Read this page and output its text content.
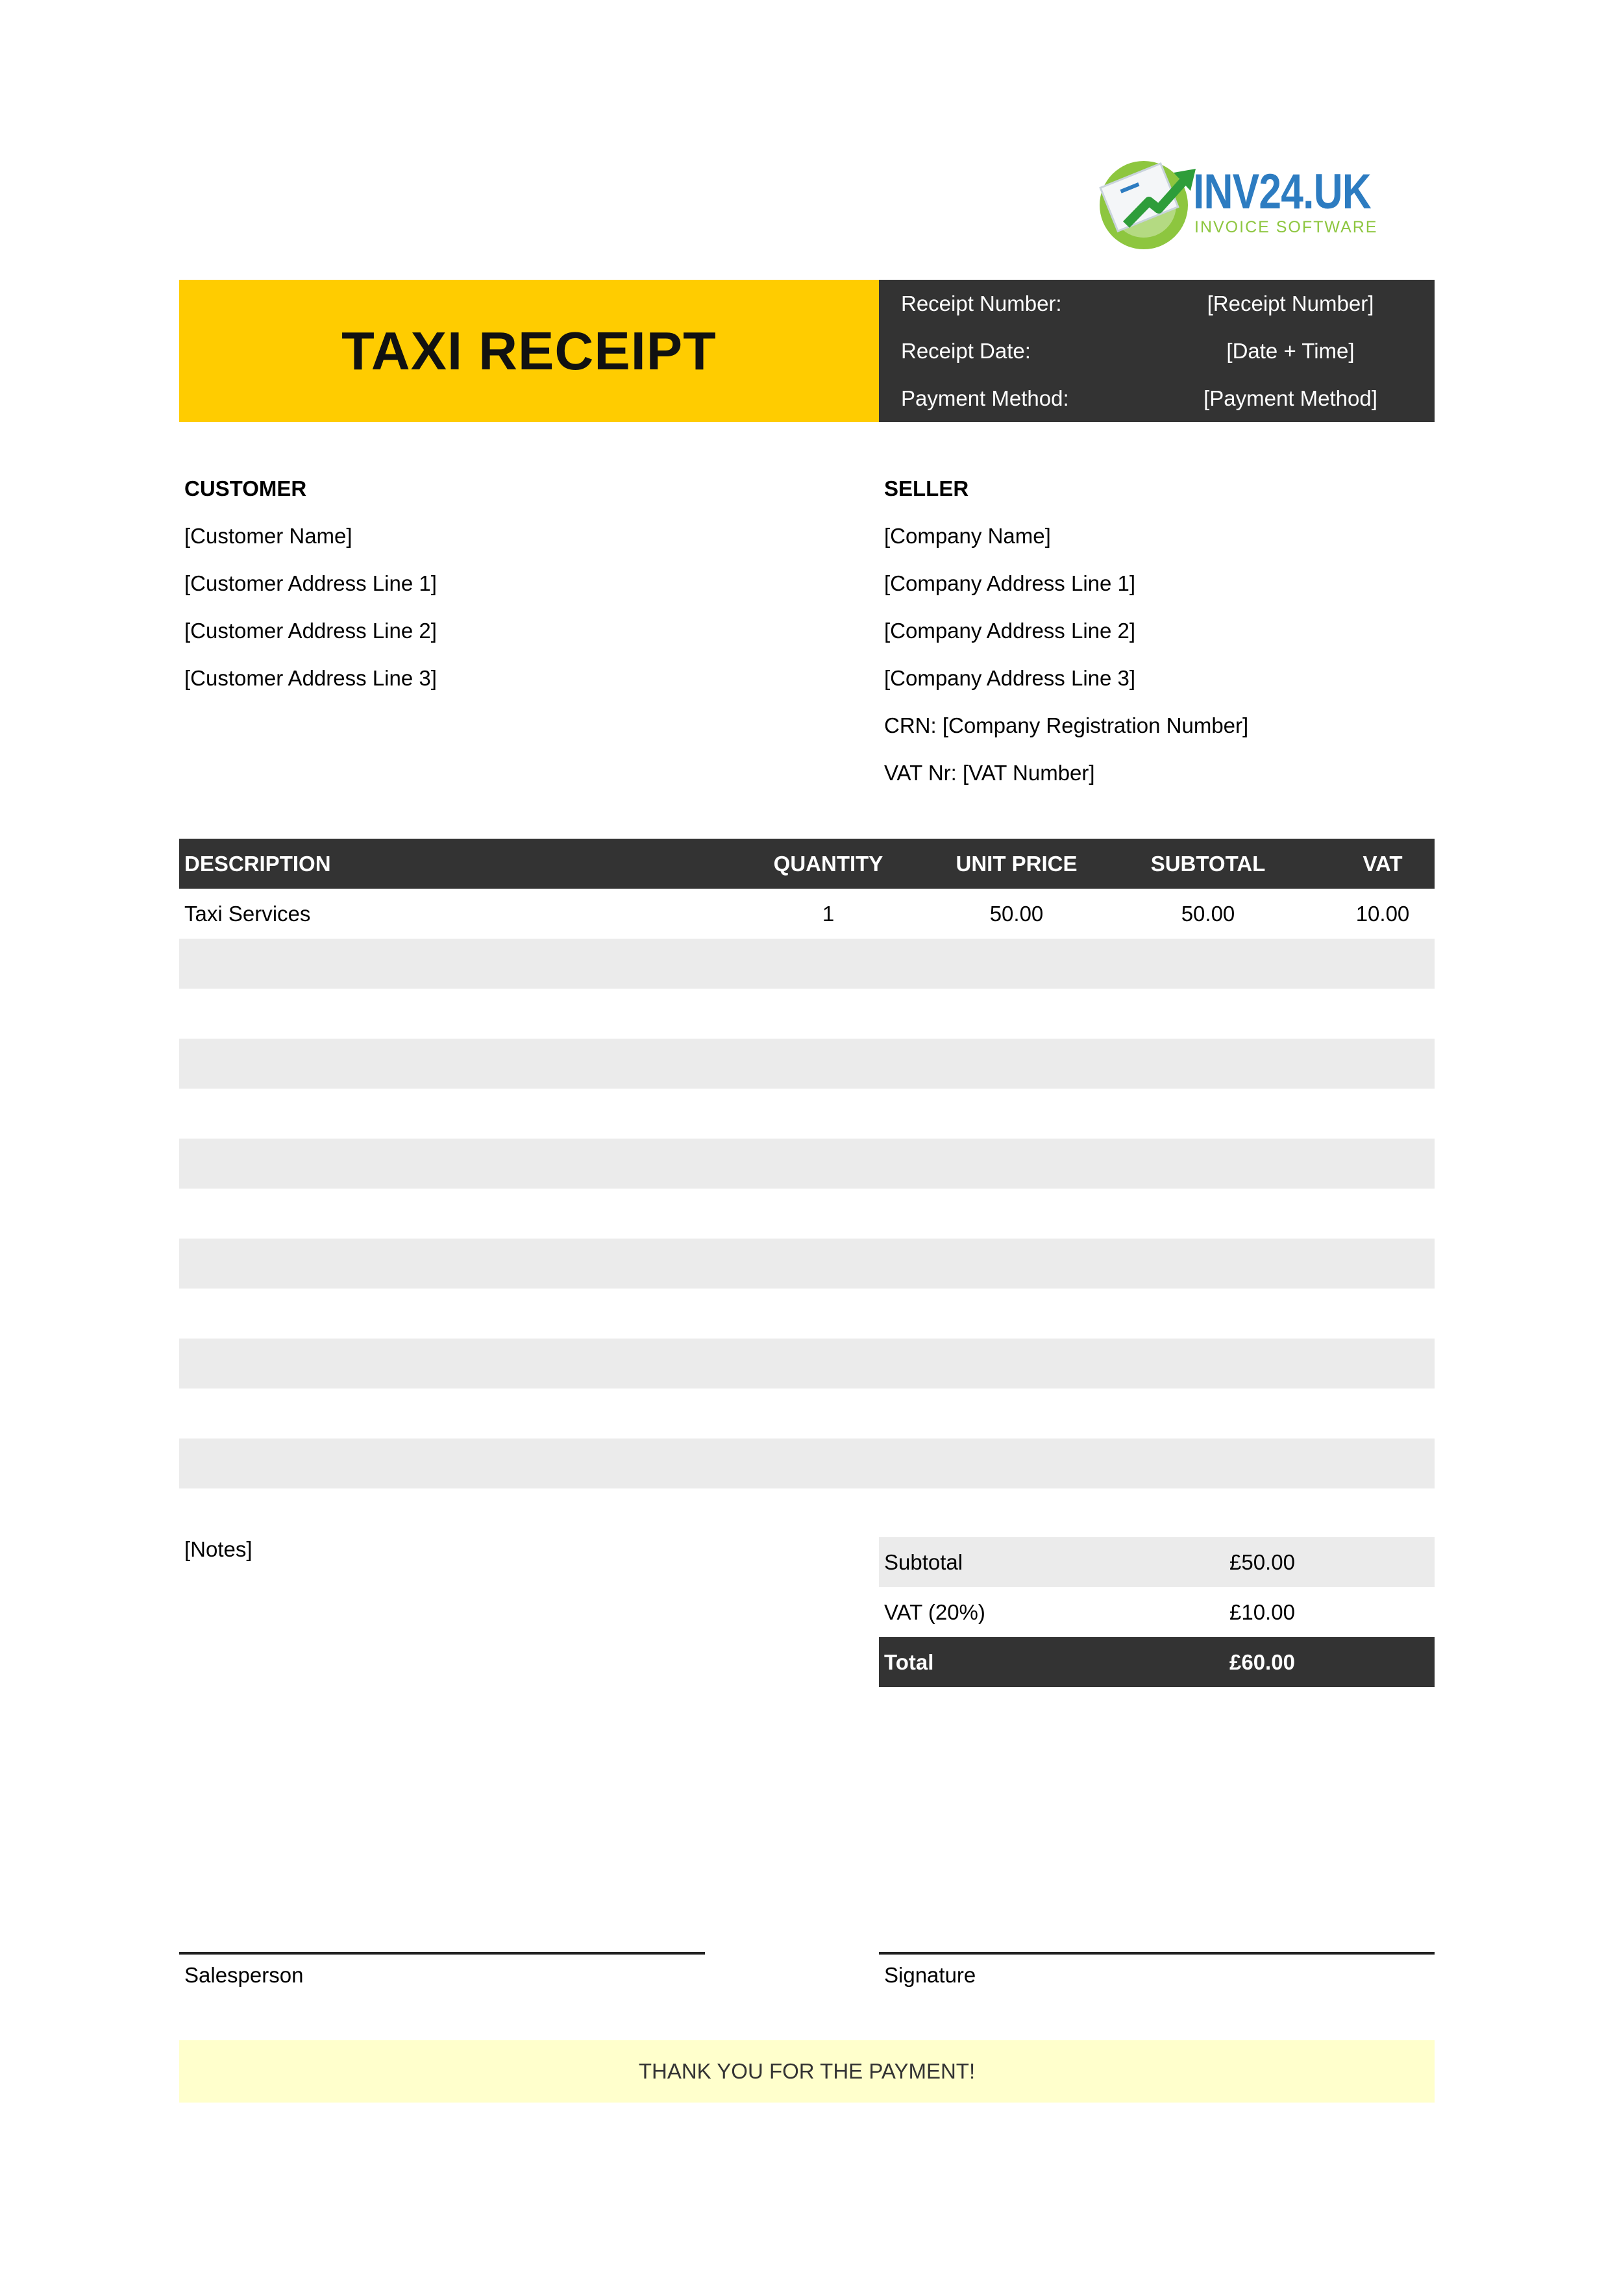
INV24.UK
INVOICE SOFTWARE
TAXI RECEIPT
Receipt Number:	[Receipt Number]
Receipt Date:	[Date + Time]
Payment Method:	[Payment Method]
CUSTOMER
[Customer Name]
[Customer Address Line 1]
[Customer Address Line 2]
[Customer Address Line 3]
SELLER
[Company Name]
[Company Address Line 1]
[Company Address Line 2]
[Company Address Line 3]
CRN: [Company Registration Number]
VAT Nr: [VAT Number]
DESCRIPTION	QUANTITY	UNIT PRICE	SUBTOTAL	VAT
Taxi Services	1	50.00	50.00	10.00
[Notes]
Subtotal	£50.00
VAT (20%)	£10.00
Total	£60.00
Salesperson	Signature
THANK YOU FOR THE PAYMENT!
